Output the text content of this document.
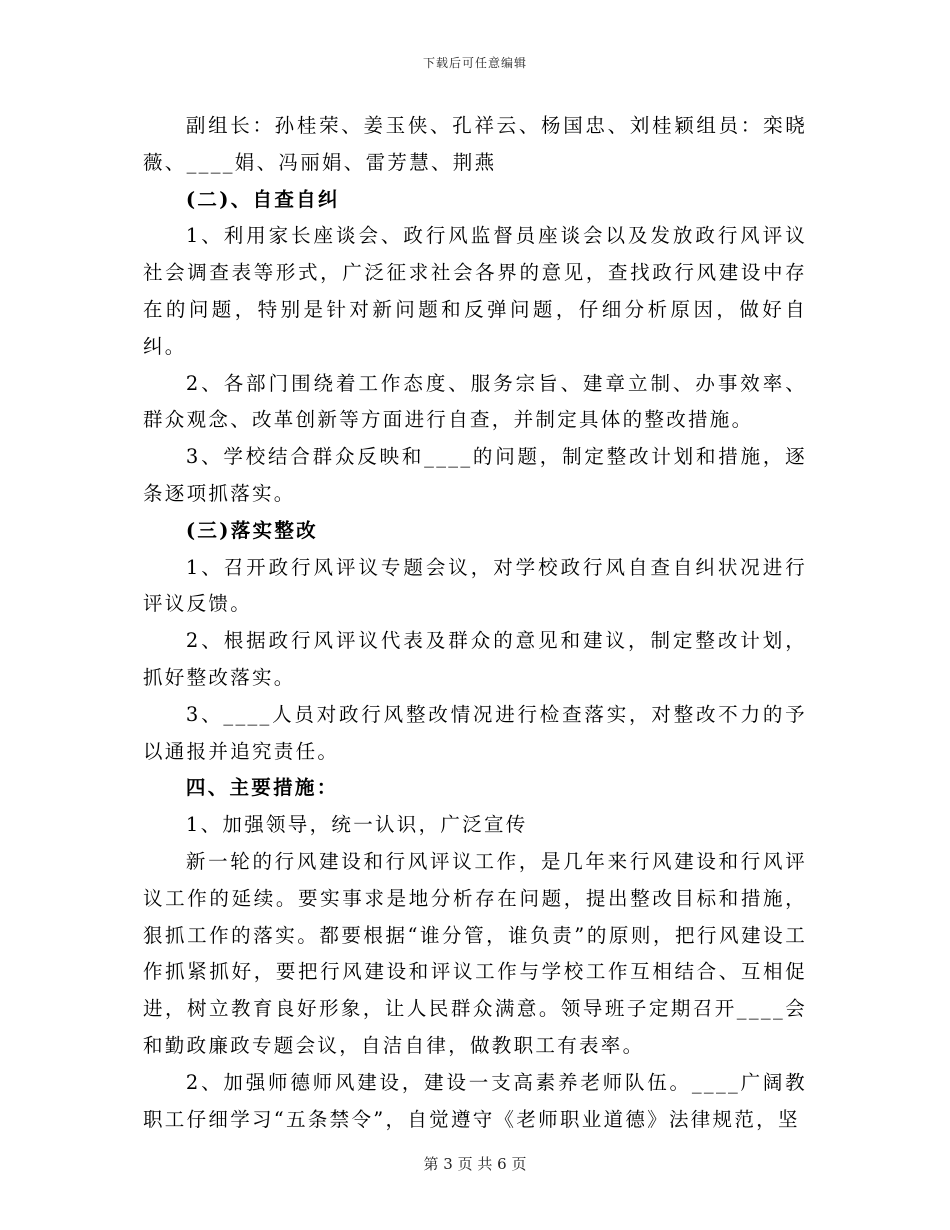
下载后可任意编辑

副组长：孙桂荣、姜玉侠、孔祥云、杨国忠、刘桂颖组员：栾晓薇、____娟、冯丽娟、雷芳慧、荆燕

(二)、自查自纠

1、利用家长座谈会、政行风监督员座谈会以及发放政行风评议社会调查表等形式，广泛征求社会各界的意见，查找政行风建设中存在的问题，特别是针对新问题和反弹问题，仔细分析原因，做好自纠。

2、各部门围绕着工作态度、服务宗旨、建章立制、办事效率、群众观念、改革创新等方面进行自查，并制定具体的整改措施。

3、学校结合群众反映和____的问题，制定整改计划和措施，逐条逐项抓落实。

(三)落实整改

1、召开政行风评议专题会议，对学校政行风自查自纠状况进行评议反馈。

2、根据政行风评议代表及群众的意见和建议，制定整改计划，抓好整改落实。

3、____人员对政行风整改情况进行检查落实，对整改不力的予以通报并追究责任。

四、主要措施：

1、加强领导，统一认识，广泛宣传

新一轮的行风建设和行风评议工作，是几年来行风建设和行风评议工作的延续。要实事求是地分析存在问题，提出整改目标和措施，狠抓工作的落实。都要根据“谁分管，谁负责”的原则，把行风建设工作抓紧抓好，要把行风建设和评议工作与学校工作互相结合、互相促进，树立教育良好形象，让人民群众满意。领导班子定期召开____会和勤政廉政专题会议，自洁自律，做教职工有表率。

2、加强师德师风建设，建设一支高素养老师队伍。____广阔教职工仔细学习“五条禁令”，自觉遵守《老师职业道德》法律规范，坚

第 3 页 共 6 页
